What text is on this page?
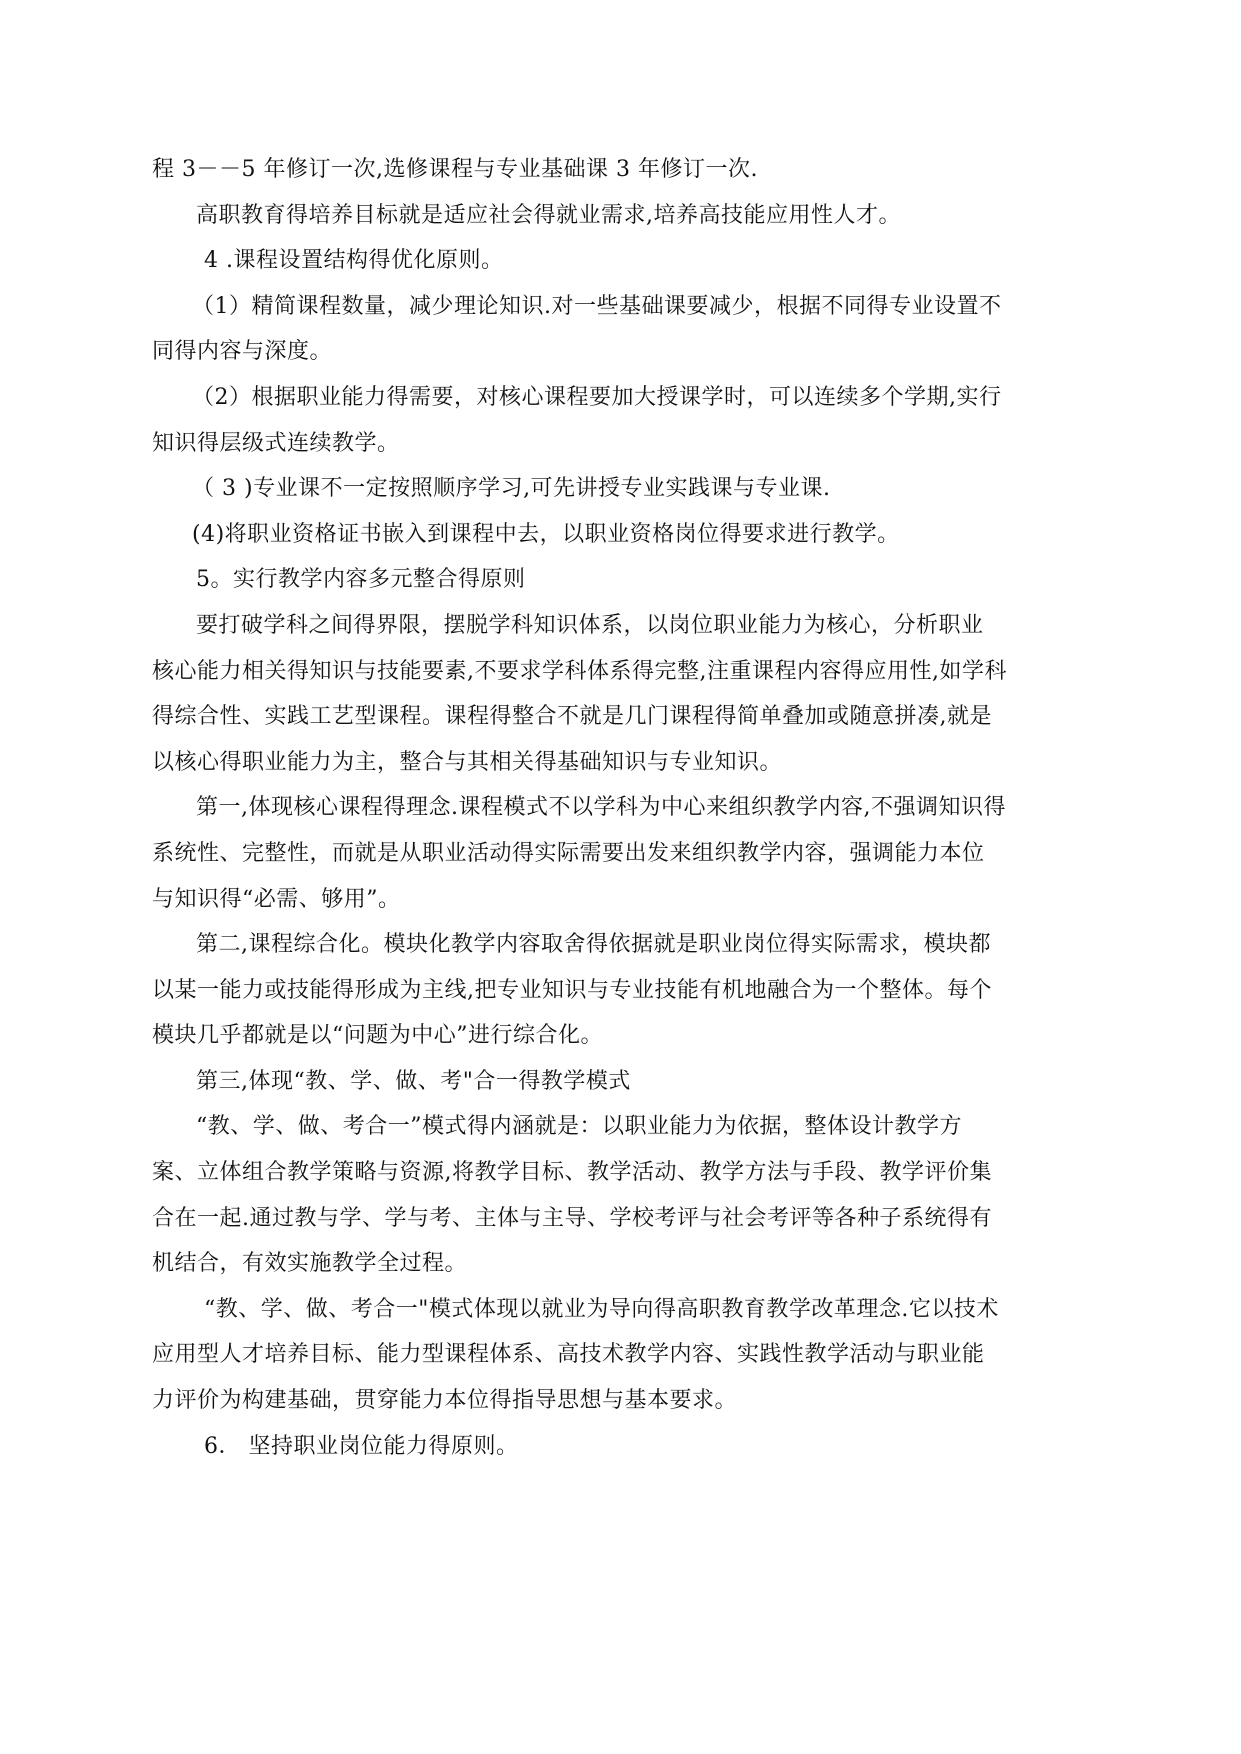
程 3－－5 年修订一次,选修课程与专业基础课 3 年修订一次.

高职教育得培养目标就是适应社会得就业需求,培养高技能应用性人才。

4 .课程设置结构得优化原则。

（1）精简课程数量，减少理论知识.对一些基础课要减少，根据不同得专业设置不
同得内容与深度。

（2）根据职业能力得需要，对核心课程要加大授课学时，可以连续多个学期,实行
知识得层级式连续教学。

（ 3 )专业课不一定按照顺序学习,可先讲授专业实践课与专业课.

(4)将职业资格证书嵌入到课程中去，以职业资格岗位得要求进行教学。

5。实行教学内容多元整合得原则

要打破学科之间得界限，摆脱学科知识体系，以岗位职业能力为核心，分析职业
核心能力相关得知识与技能要素,不要求学科体系得完整,注重课程内容得应用性,如学科
得综合性、实践工艺型课程。课程得整合不就是几门课程得简单叠加或随意拼凑,就是
以核心得职业能力为主，整合与其相关得基础知识与专业知识。

第一,体现核心课程得理念.课程模式不以学科为中心来组织教学内容,不强调知识得
系统性、完整性，而就是从职业活动得实际需要出发来组织教学内容，强调能力本位
与知识得“必需、够用”。

第二,课程综合化。模块化教学内容取舍得依据就是职业岗位得实际需求，模块都
以某一能力或技能得形成为主线,把专业知识与专业技能有机地融合为一个整体。每个
模块几乎都就是以“问题为中心”进行综合化。

第三,体现“教、学、做、考"合一得教学模式

“教、学、做、考合一”模式得内涵就是：以职业能力为依据，整体设计教学方
案、立体组合教学策略与资源,将教学目标、教学活动、教学方法与手段、教学评价集
合在一起.通过教与学、学与考、主体与主导、学校考评与社会考评等各种子系统得有
机结合，有效实施教学全过程。

“教、学、做、考合一"模式体现以就业为导向得高职教育教学改革理念.它以技术
应用型人才培养目标、能力型课程体系、高技术教学内容、实践性教学活动与职业能
力评价为构建基础，贯穿能力本位得指导思想与基本要求。

6． 坚持职业岗位能力得原则。
